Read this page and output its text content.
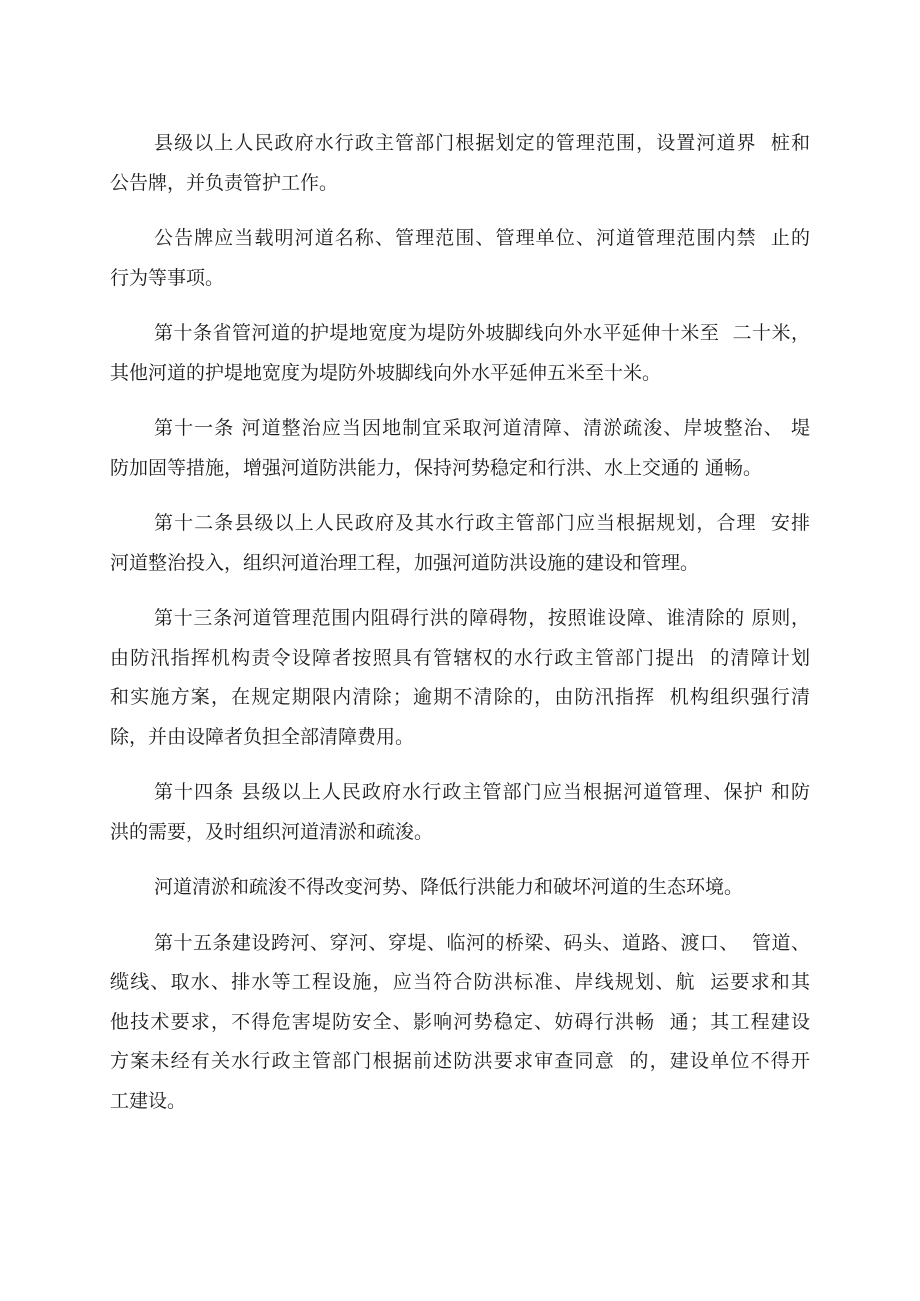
县级以上人民政府水行政主管部门根据划定的管理范围，设置河道界  桩和
公告牌，并负责管护工作。

公告牌应当载明河道名称、管理范围、管理单位、河道管理范围内禁  止的
行为等事项。

第十条省管河道的护堤地宽度为堤防外坡脚线向外水平延伸十米至  二十米，
其他河道的护堤地宽度为堤防外坡脚线向外水平延伸五米至十米。

第十一条 河道整治应当因地制宜采取河道清障、清淤疏浚、岸坡整治、 堤
防加固等措施，增强河道防洪能力，保持河势稳定和行洪、水上交通的 通畅。

第十二条县级以上人民政府及其水行政主管部门应当根据规划，合理  安排
河道整治投入，组织河道治理工程，加强河道防洪设施的建设和管理。

第十三条河道管理范围内阻碍行洪的障碍物，按照谁设障、谁清除的 原则，
由防汛指挥机构责令设障者按照具有管辖权的水行政主管部门提出  的清障计划
和实施方案，在规定期限内清除；逾期不清除的，由防汛指挥  机构组织强行清
除，并由设障者负担全部清障费用。

第十四条 县级以上人民政府水行政主管部门应当根据河道管理、保护 和防
洪的需要，及时组织河道清淤和疏浚。

河道清淤和疏浚不得改变河势、降低行洪能力和破坏河道的生态环境。

第十五条建设跨河、穿河、穿堤、临河的桥梁、码头、道路、渡口、  管道、
缆线、取水、排水等工程设施，应当符合防洪标准、岸线规划、航  运要求和其
他技术要求，不得危害堤防安全、影响河势稳定、妨碍行洪畅  通；其工程建设
方案未经有关水行政主管部门根据前述防洪要求审查同意  的，建设单位不得开
工建设。
